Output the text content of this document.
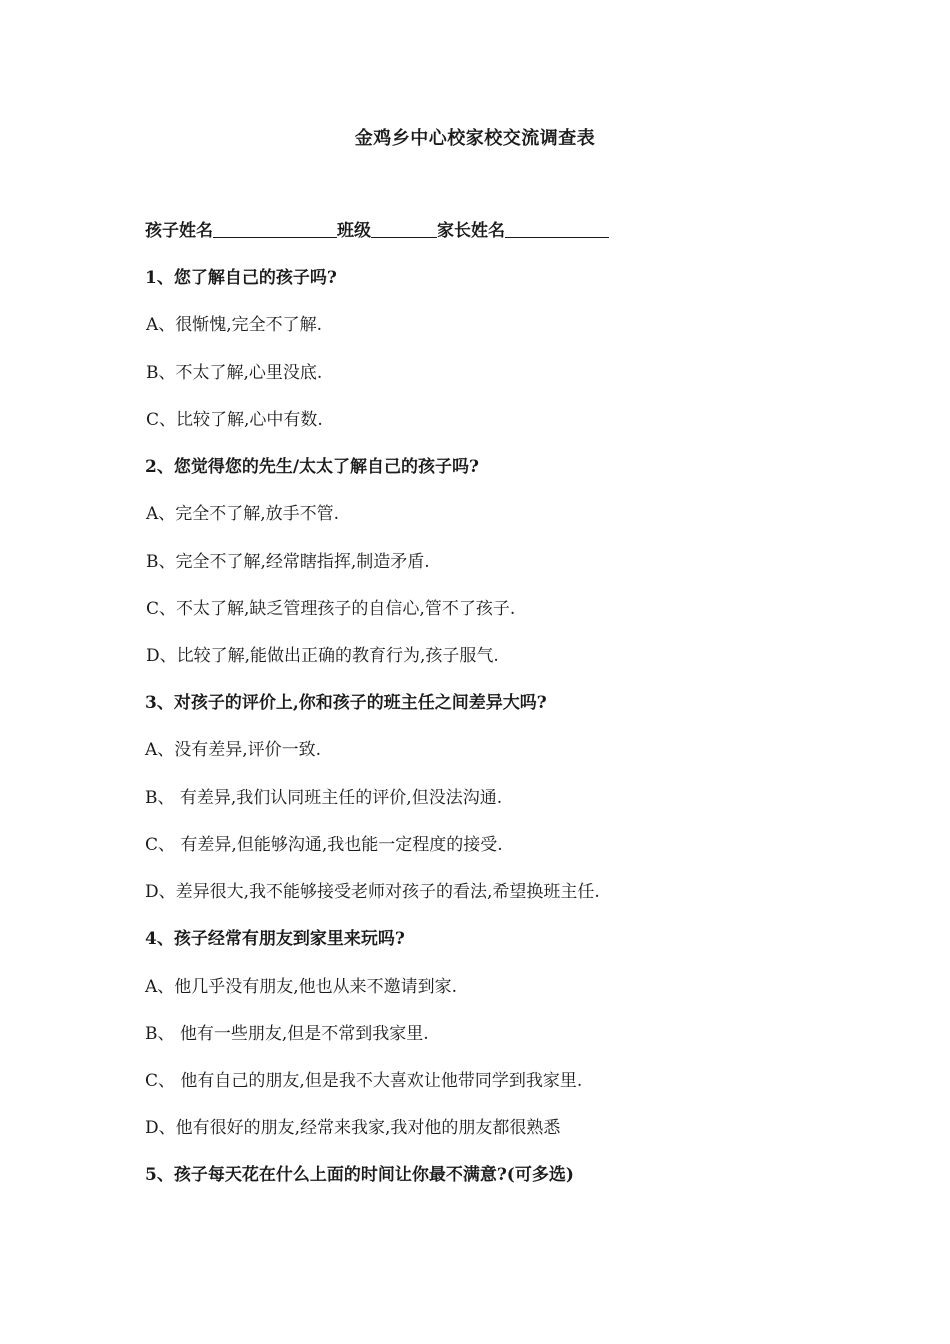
金鸡乡中心校家校交流调查表
孩子姓名	班级	家长姓名
1、您了解自己的孩子吗?
A、很惭愧,完全不了解.
B、不太了解,心里没底.
C、比较了解,心中有数.
2、您觉得您的先生/太太了解自己的孩子吗?
A、完全不了解,放手不管.
B、完全不了解,经常瞎指挥,制造矛盾.
C、不太了解,缺乏管理孩子的自信心,管不了孩子.
D、比较了解,能做出正确的教育行为,孩子服气.
3、对孩子的评价上,你和孩子的班主任之间差异大吗?
A、没有差异,评价一致.
B、 有差异,我们认同班主任的评价,但没法沟通.
C、 有差异,但能够沟通,我也能一定程度的接受.
D、差异很大,我不能够接受老师对孩子的看法,希望换班主任.
4、孩子经常有朋友到家里来玩吗?
A、他几乎没有朋友,他也从来不邀请到家.
B、 他有一些朋友,但是不常到我家里.
C、 他有自己的朋友,但是我不大喜欢让他带同学到我家里.
D、他有很好的朋友,经常来我家,我对他的朋友都很熟悉
5、孩子每天花在什么上面的时间让你最不满意?(可多选)
